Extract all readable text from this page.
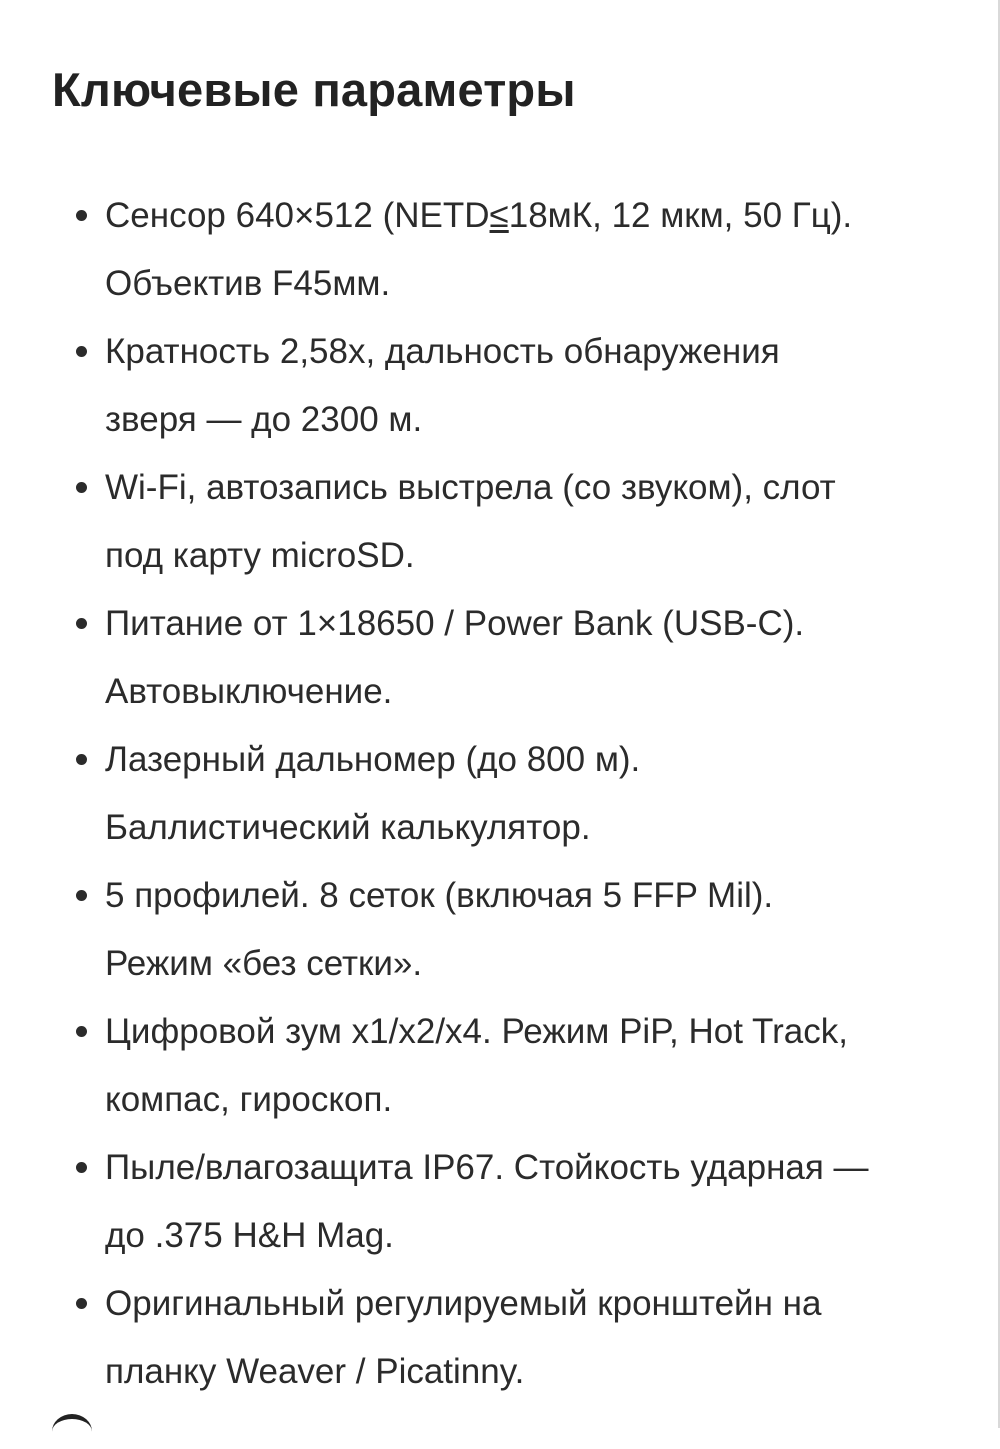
Ключевые параметры
Сенсор 640×512 (NETD≤18мК, 12 мкм, 50 Гц).
Объектив F45мм.
Кратность 2,58х, дальность обнаружения
зверя — до 2300 м.
Wi-Fi, автозапись выстрела (со звуком), слот
под карту microSD.
Питание от 1×18650 / Power Bank (USB-C).
Автовыключение.
Лазерный дальномер (до 800 м).
Баллистический калькулятор.
5 профилей. 8 сеток (включая 5 FFP Mil).
Режим «без сетки».
Цифровой зум х1/х2/х4. Режим PiP, Hot Track,
компас, гироскоп.
Пыле/влагозащита IP67. Стойкость ударная —
до .375 H&H Mag.
Оригинальный регулируемый кронштейн на
планку Weaver / Picatinny.
